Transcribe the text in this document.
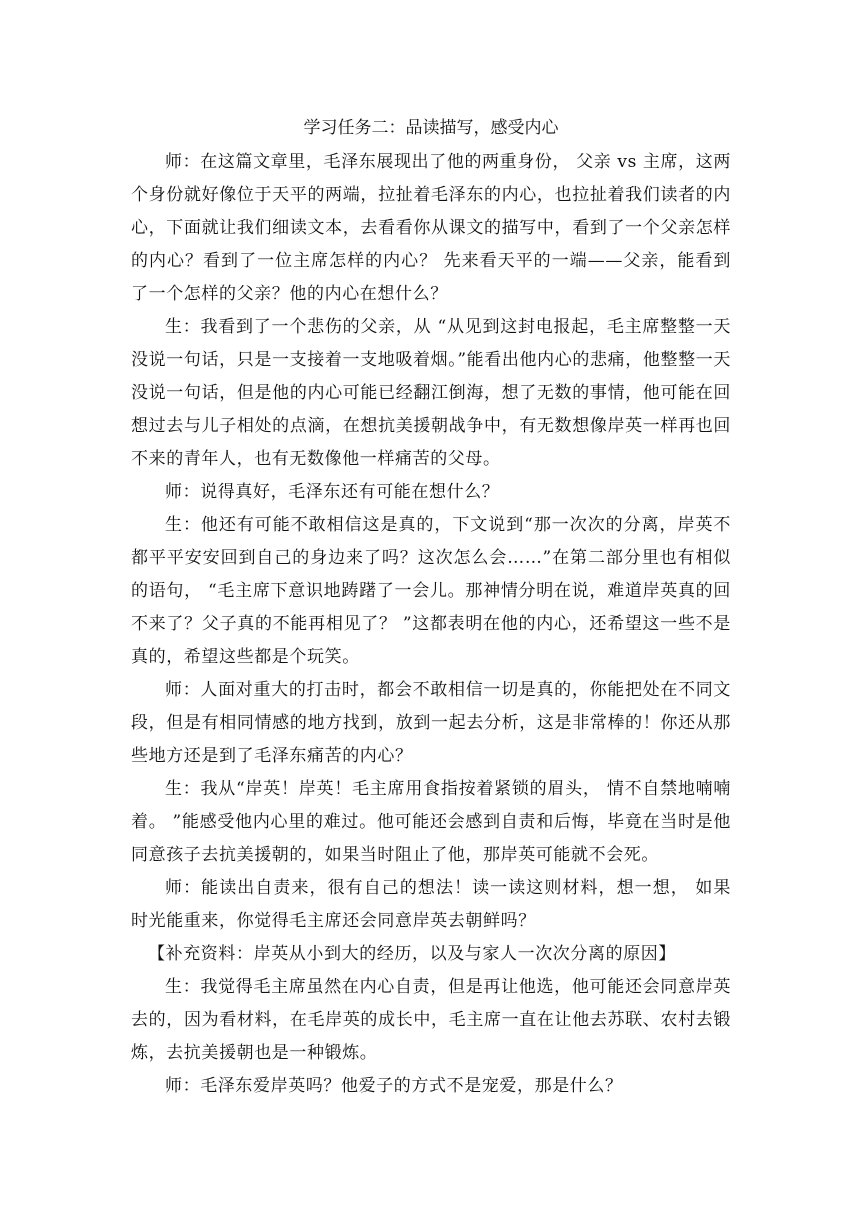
学习任务二：品读描写，感受内心

师：在这篇文章里，毛泽东展现出了他的两重身份， 父亲 vs 主席，这两个身份就好像位于天平的两端，拉扯着毛泽东的内心，也拉扯着我们读者的内心，下面就让我们细读文本，去看看你从课文的描写中，看到了一个父亲怎样的内心？看到了一位主席怎样的内心？ 先来看天平的一端——父亲，能看到了一个怎样的父亲？他的内心在想什么？

生：我看到了一个悲伤的父亲，从 “从见到这封电报起，毛主席整整一天没说一句话，只是一支接着一支地吸着烟。”能看出他内心的悲痛，他整整一天没说一句话，但是他的内心可能已经翻江倒海，想了无数的事情，他可能在回想过去与儿子相处的点滴，在想抗美援朝战争中，有无数想像岸英一样再也回不来的青年人，也有无数像他一样痛苦的父母。

师：说得真好，毛泽东还有可能在想什么？

生：他还有可能不敢相信这是真的，下文说到“那一次次的分离，岸英不都平平安安回到自己的身边来了吗？这次怎么会……”在第二部分里也有相似的语句， “毛主席下意识地踌躇了一会儿。那神情分明在说，难道岸英真的回不来了？父子真的不能再相见了？ ”这都表明在他的内心，还希望这一些不是真的，希望这些都是个玩笑。

师：人面对重大的打击时，都会不敢相信一切是真的，你能把处在不同文段，但是有相同情感的地方找到，放到一起去分析，这是非常棒的！你还从那些地方还是到了毛泽东痛苦的内心？

生：我从“岸英！岸英！毛主席用食指按着紧锁的眉头， 情不自禁地喃喃着。 ”能感受他内心里的难过。他可能还会感到自责和后悔，毕竟在当时是他同意孩子去抗美援朝的，如果当时阻止了他，那岸英可能就不会死。

师：能读出自责来，很有自己的想法！读一读这则材料，想一想， 如果时光能重来，你觉得毛主席还会同意岸英去朝鲜吗？

【补充资料：岸英从小到大的经历，以及与家人一次次分离的原因】

生：我觉得毛主席虽然在内心自责，但是再让他选，他可能还会同意岸英去的，因为看材料，在毛岸英的成长中，毛主席一直在让他去苏联、农村去锻炼，去抗美援朝也是一种锻炼。

师：毛泽东爱岸英吗？他爱子的方式不是宠爱，那是什么？
